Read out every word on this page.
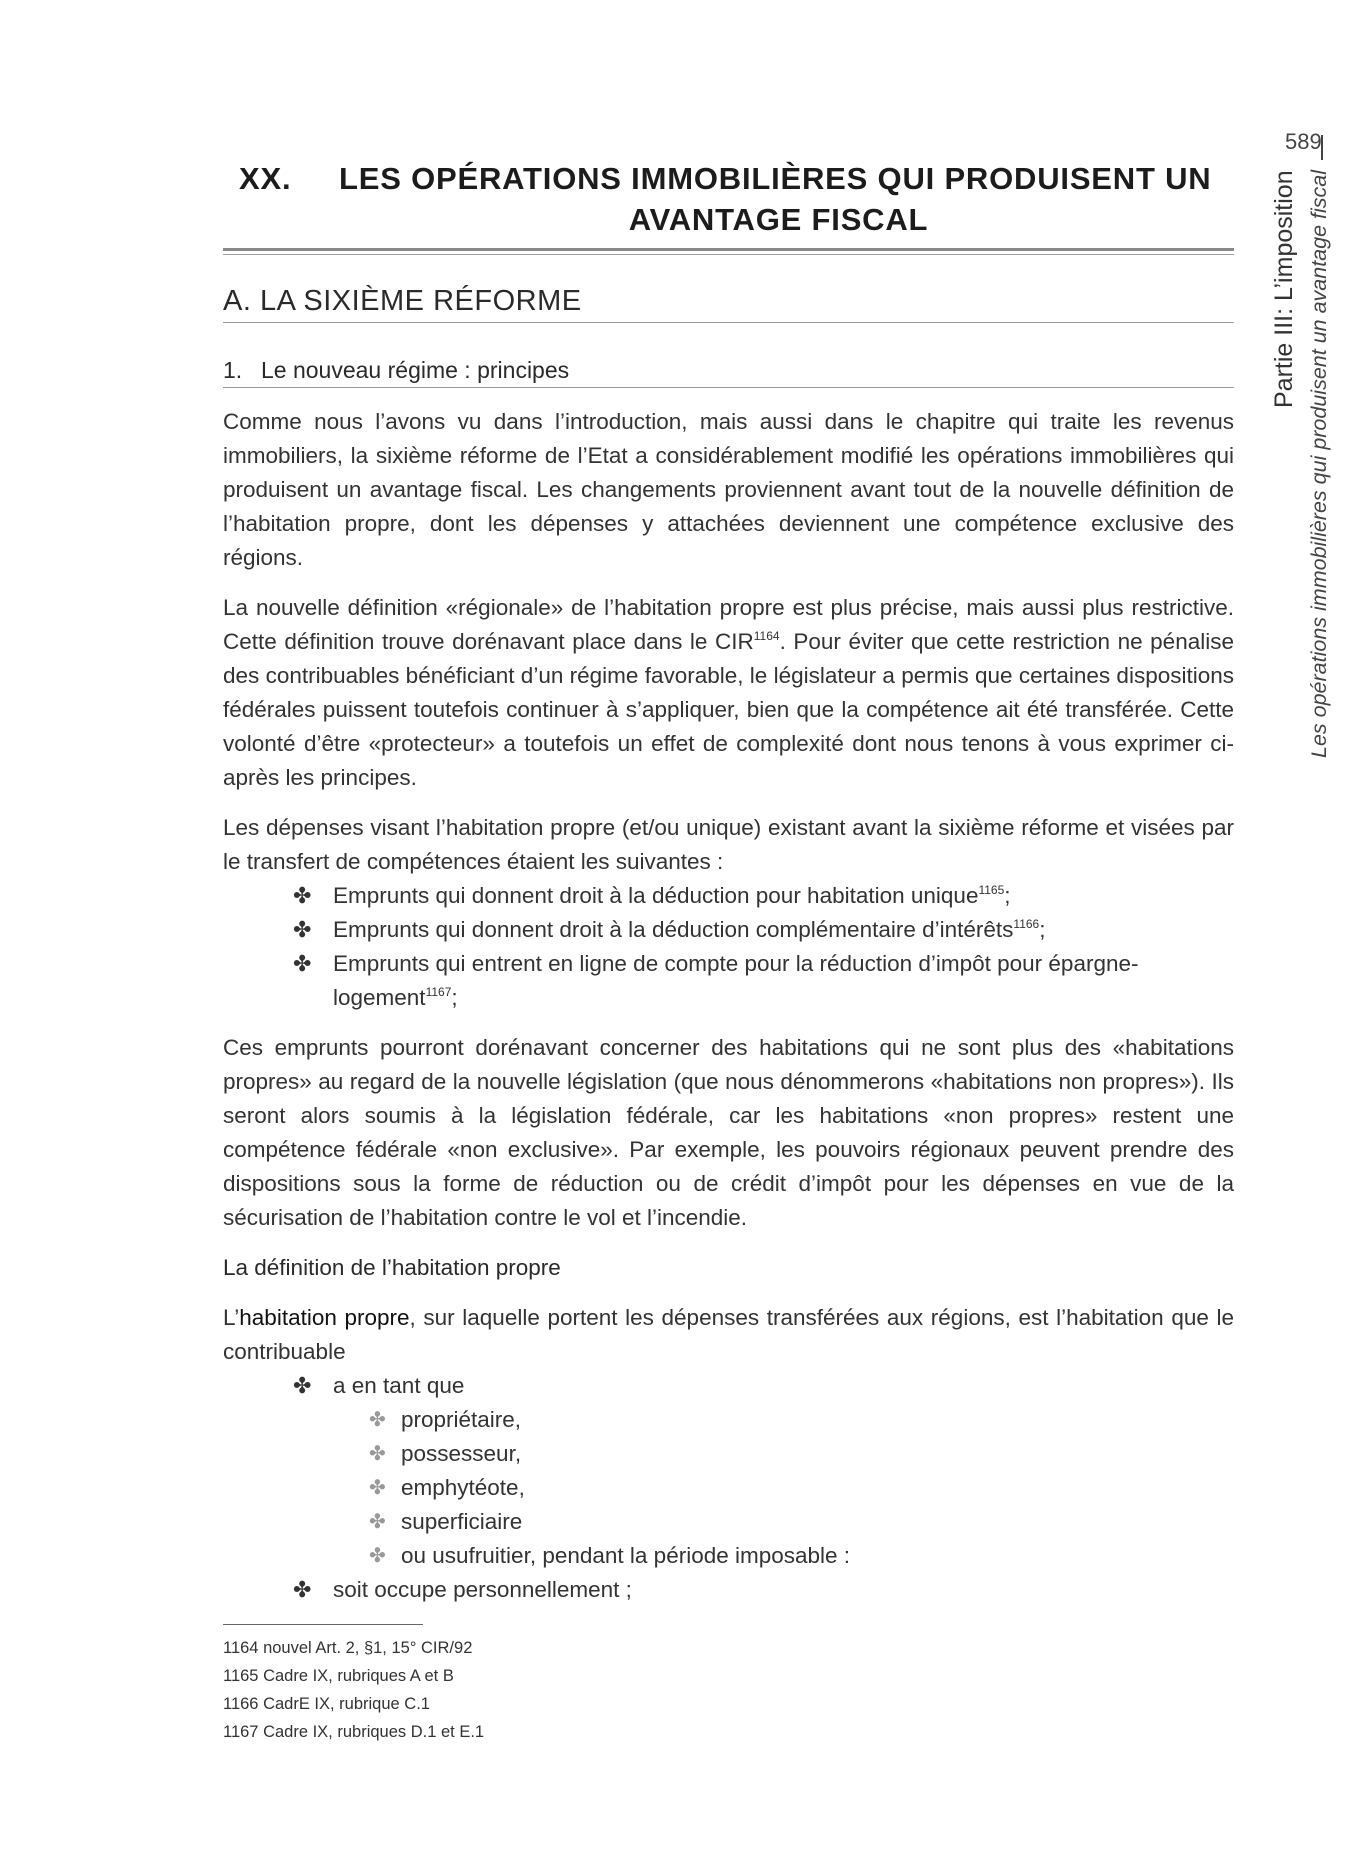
XX.	LES OPÉRATIONS IMMOBILIÈRES QUI PRODUISENT UN
AVANTAGE FISCAL
A. LA SIXIÈME RÉFORME
1. Le nouveau régime : principes

Comme nous l’avons vu dans l’introduction, mais aussi dans le chapitre qui traite les revenus immobiliers, la sixième réforme de l’Etat a considérablement modifié les opérations immobilières qui produisent un avantage fiscal. Les changements proviennent avant tout de la nouvelle définition de l’habitation propre, dont les dépenses y attachées deviennent une compétence exclusive des régions.

La nouvelle définition «régionale» de l’habitation propre est plus précise, mais aussi plus restrictive. Cette définition trouve dorénavant place dans le $CIR^{1164}$. Pour éviter que cette restriction ne pénalise des contribuables bénéficiant d’un régime favorable, le législateur a permis que certaines dispositions fédérales puissent toutefois continuer à s’appliquer, bien que la compétence ait été transférée. Cette volonté d’être «protecteur» a toutefois un effet de complexité dont nous tenons à vous exprimer ci-après les principes.

Les dépenses visant l’habitation propre (et/ou unique) existant avant la sixième réforme et visées par le transfert de compétences étaient les suivantes :

✤ Emprunts qui donnent droit à la déduction pour habitation unique$^{1165}$;
✤ Emprunts qui donnent droit à la déduction complémentaire d’intérêts$^{1166}$;
✤ Emprunts qui entrent en ligne de compte pour la réduction d’impôt pour épargne-logement$^{1167}$;

Ces emprunts pourront dorénavant concerner des habitations qui ne sont plus des «habitations propres» au regard de la nouvelle législation (que nous dénommerons «habitations non propres»). Ils seront alors soumis à la législation fédérale, car les habitations «non propres» restent une compétence fédérale «non exclusive». Par exemple, les pouvoirs régionaux peuvent prendre des dispositions sous la forme de réduction ou de crédit d’impôt pour les dépenses en vue de la sécurisation de l’habitation contre le vol et l’incendie.

La définition de l’habitation propre

L’habitation propre, sur laquelle portent les dépenses transférées aux régions, est l’habitation que le contribuable

✤ a en tant que
✤ propriétaire,
✤ possesseur,
✤ emphytéote,
✤ superficiaire
✤ ou usufruitier, pendant la période imposable :
✤ soit occupe personnellement ;
1164 nouvel Art. 2, §1, 15° CIR/92
1165 Cadre IX, rubriques A et B
1166 CadrE IX, rubrique C.1
1167 Cadre IX, rubriques D.1 et E.1
589
Partie III: L’imposition Les opérations immobilières qui produisent un avantage fiscal
